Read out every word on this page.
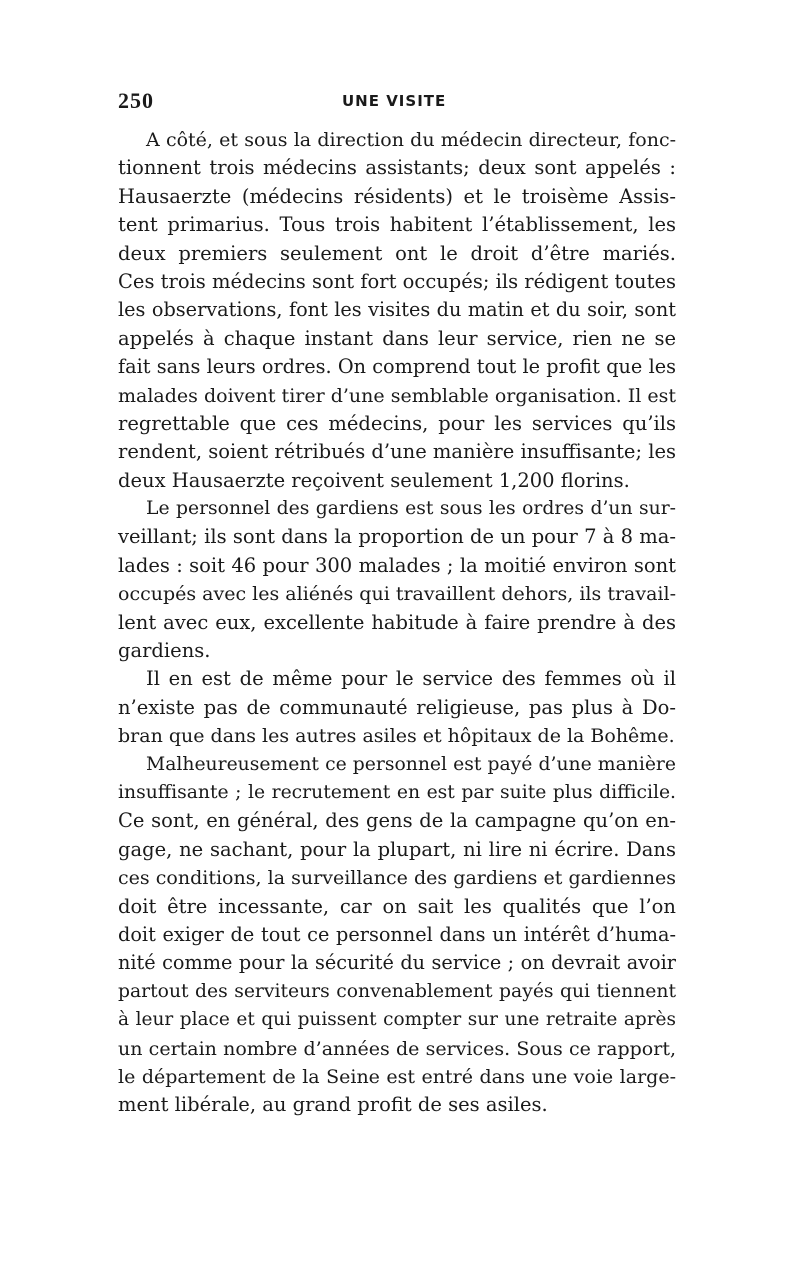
250	UNE VISITE
A côté, et sous la direction du médecin directeur, fonc-
tionnent trois médecins assistants; deux sont appelés :
Hausaerzte (médecins résidents) et le troisème Assis-
tent primarius. Tous trois habitent l’établissement, les
deux premiers seulement ont le droit d’être mariés.
Ces trois médecins sont fort occupés; ils rédigent toutes
les observations, font les visites du matin et du soir, sont
appelés à chaque instant dans leur service, rien ne se
fait sans leurs ordres. On comprend tout le profit que les
malades doivent tirer d’une semblable organisation. Il est
regrettable que ces médecins, pour les services qu’ils
rendent, soient rétribués d’une manière insuffisante; les
deux Hausaerzte reçoivent seulement 1,200 florins.
Le personnel des gardiens est sous les ordres d’un sur-
veillant; ils sont dans la proportion de un pour 7 à 8 ma-
lades : soit 46 pour 300 malades ; la moitié environ sont
occupés avec les aliénés qui travaillent dehors, ils travail-
lent avec eux, excellente habitude à faire prendre à des
gardiens.
Il en est de même pour le service des femmes où il
n’existe pas de communauté religieuse, pas plus à Do-
bran que dans les autres asiles et hôpitaux de la Bohême.
Malheureusement ce personnel est payé d’une manière
insuffisante ; le recrutement en est par suite plus difficile.
Ce sont, en général, des gens de la campagne qu’on en-
gage, ne sachant, pour la plupart, ni lire ni écrire. Dans
ces conditions, la surveillance des gardiens et gardiennes
doit être incessante, car on sait les qualités que l’on
doit exiger de tout ce personnel dans un intérêt d’huma-
nité comme pour la sécurité du service ; on devrait avoir
partout des serviteurs convenablement payés qui tiennent
à leur place et qui puissent compter sur une retraite après
un certain nombre d’années de services. Sous ce rapport,
le département de la Seine est entré dans une voie large-
ment libérale, au grand profit de ses asiles.
